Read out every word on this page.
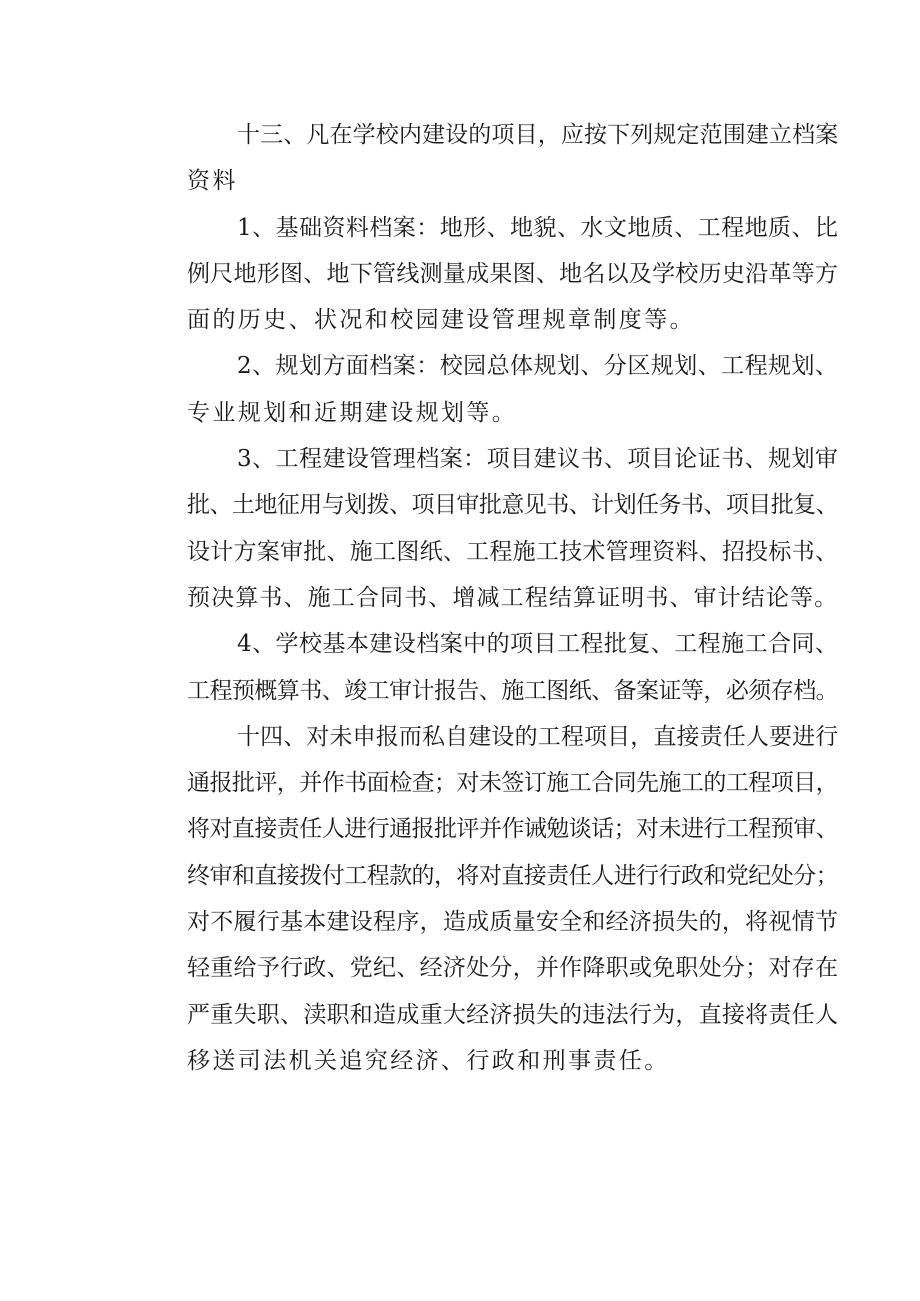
十三、凡在学校内建设的项目，应按下列规定范围建立档案
资料
1、基础资料档案：地形、地貌、水文地质、工程地质、比
例尺地形图、地下管线测量成果图、地名以及学校历史沿革等方
面的历史、状况和校园建设管理规章制度等。
2、规划方面档案：校园总体规划、分区规划、工程规划、
专业规划和近期建设规划等。
3、工程建设管理档案：项目建议书、项目论证书、规划审
批、土地征用与划拨、项目审批意见书、计划任务书、项目批复、
设计方案审批、施工图纸、工程施工技术管理资料、招投标书、
预决算书、施工合同书、增减工程结算证明书、审计结论等。
4、学校基本建设档案中的项目工程批复、工程施工合同、
工程预概算书、竣工审计报告、施工图纸、备案证等，必须存档。
十四、对未申报而私自建设的工程项目，直接责任人要进行
通报批评，并作书面检查；对未签订施工合同先施工的工程项目，
将对直接责任人进行通报批评并作诫勉谈话；对未进行工程预审、
终审和直接拨付工程款的，将对直接责任人进行行政和党纪处分；
对不履行基本建设程序，造成质量安全和经济损失的，将视情节
轻重给予行政、党纪、经济处分，并作降职或免职处分；对存在
严重失职、渎职和造成重大经济损失的违法行为，直接将责任人
移送司法机关追究经济、行政和刑事责任。
